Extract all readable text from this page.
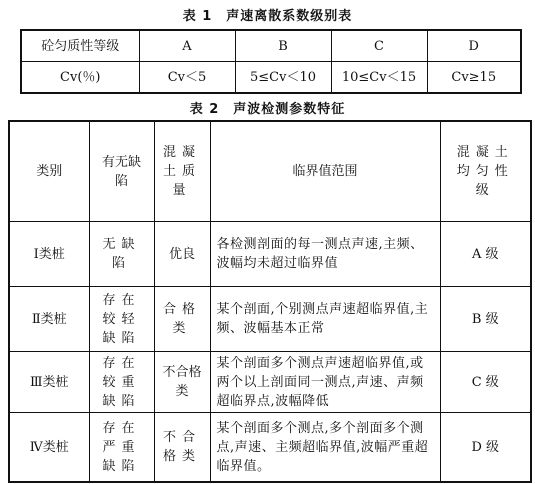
表 1 声速离散系数级别表
砼匀质性等级	A	B	C	D
Cv(％)	Cv＜5	5≤Cv＜10	10≤Cv＜15	Cv≥15
表 2 声波检测参数特征
类别	有无缺陷	混凝土质量	临界值范围	混凝土均匀性级
Ⅰ类桩	无缺陷	优良	各检测剖面的每一测点声速,主频、波幅均未超过临界值	A 级
Ⅱ类桩	存在较轻缺陷	合格类	某个剖面,个别测点声速超临界值,主频、波幅基本正常	B 级
Ⅲ类桩	存在较重缺陷	不合格类	某个剖面多个测点声速超临界值,或两个以上剖面同一测点,声速、声频超临界点,波幅降低	C 级
Ⅳ类桩	存在严重缺陷	不合格类	某个剖面多个测点,多个剖面多个测点,声速、主频超临界值,波幅严重超临界值。	D 级
